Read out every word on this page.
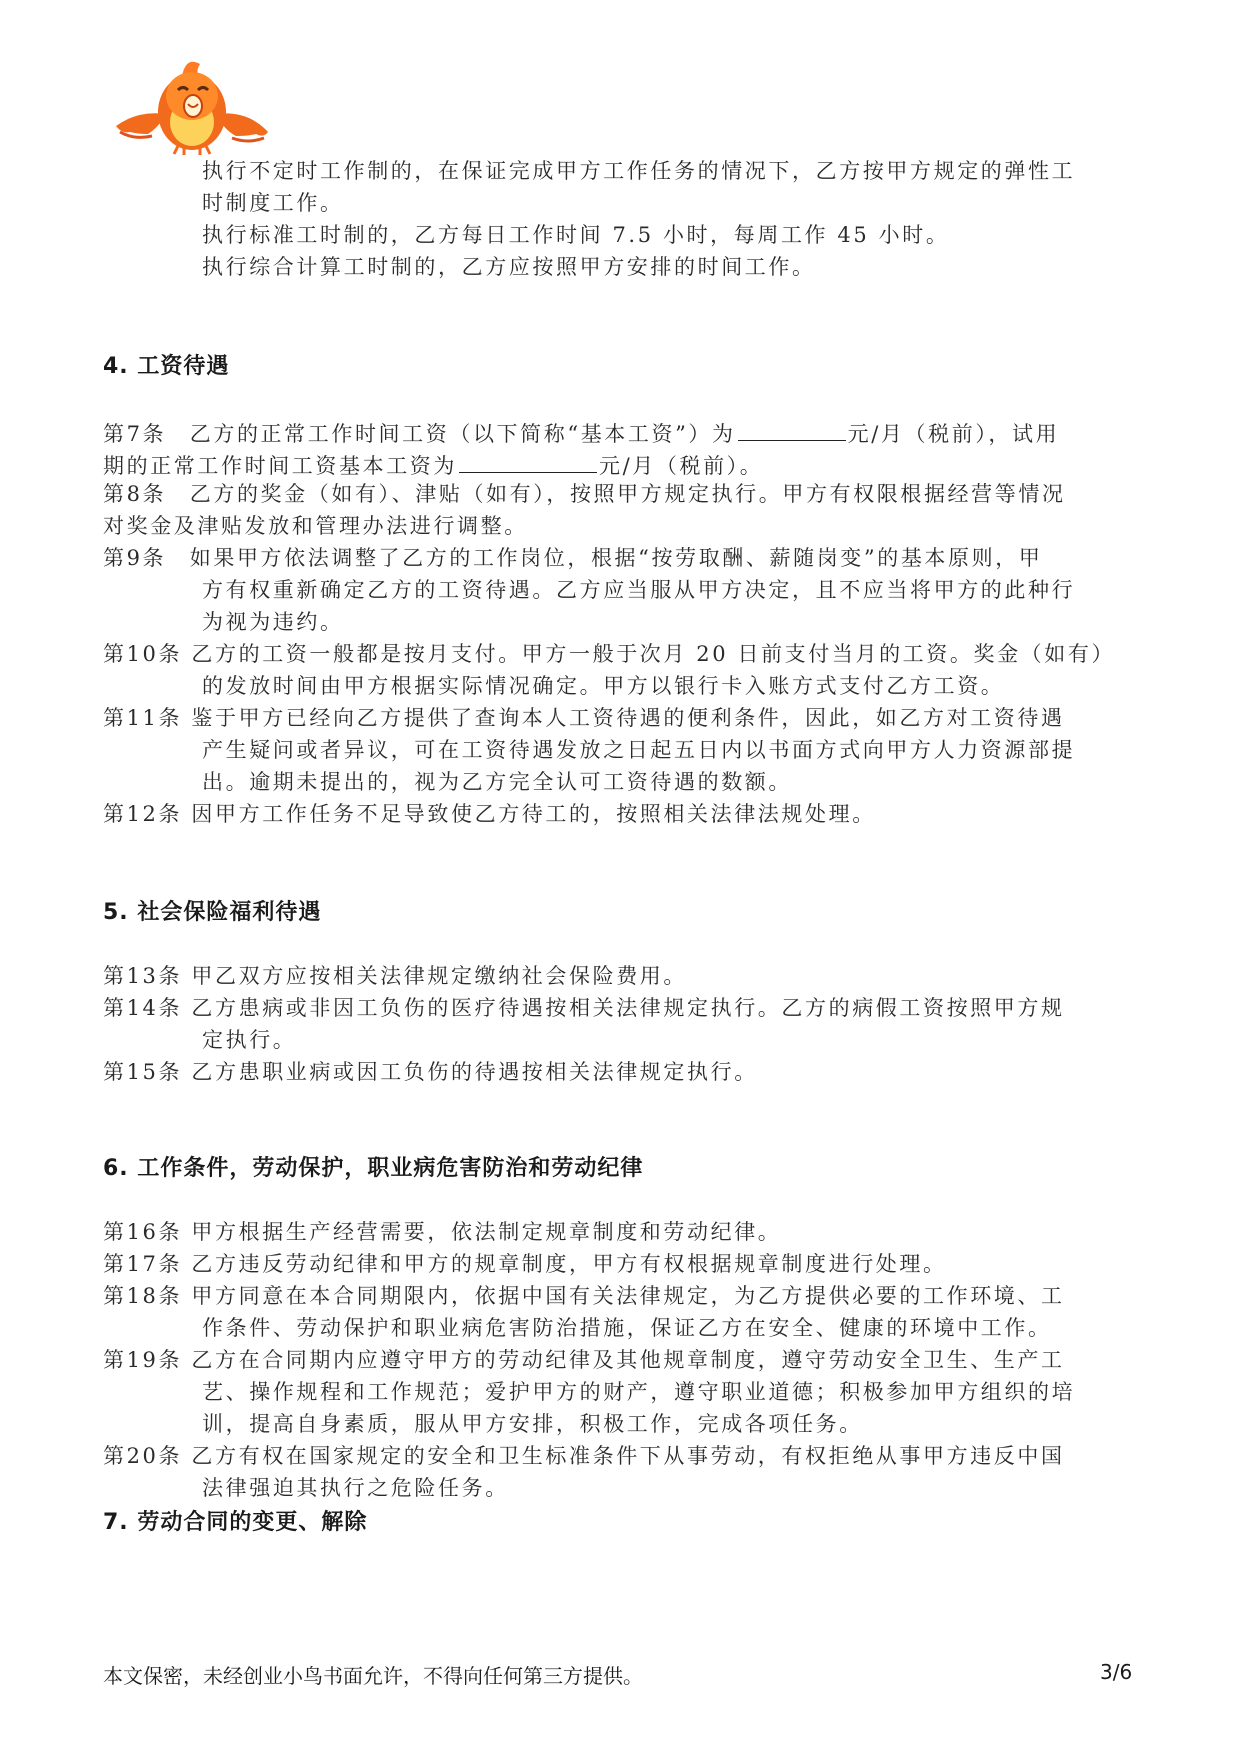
执行不定时工作制的，在保证完成甲方工作任务的情况下，乙方按甲方规定的弹性工
时制度工作。
执行标准工时制的，乙方每日工作时间 7.5 小时，每周工作 45 小时。
执行综合计算工时制的，乙方应按照甲方安排的时间工作。
4. 工资待遇
第7条　乙方的正常工作时间工资（以下简称“基本工资”）为	元/月（税前），试用
期的正常工作时间工资基本工资为	元/月（税前）。
第8条　乙方的奖金（如有）、津贴（如有），按照甲方规定执行。甲方有权限根据经营等情况
对奖金及津贴发放和管理办法进行调整。
第9条　如果甲方依法调整了乙方的工作岗位，根据“按劳取酬、薪随岗变”的基本原则，甲
方有权重新确定乙方的工资待遇。乙方应当服从甲方决定，且不应当将甲方的此种行
为视为违约。
第10条 乙方的工资一般都是按月支付。甲方一般于次月 20 日前支付当月的工资。奖金（如有）
的发放时间由甲方根据实际情况确定。甲方以银行卡入账方式支付乙方工资。
第11条 鉴于甲方已经向乙方提供了查询本人工资待遇的便利条件，因此，如乙方对工资待遇
产生疑问或者异议，可在工资待遇发放之日起五日内以书面方式向甲方人力资源部提
出。逾期未提出的，视为乙方完全认可工资待遇的数额。
第12条 因甲方工作任务不足导致使乙方待工的，按照相关法律法规处理。
5. 社会保险福利待遇
第13条 甲乙双方应按相关法律规定缴纳社会保险费用。
第14条 乙方患病或非因工负伤的医疗待遇按相关法律规定执行。乙方的病假工资按照甲方规
定执行。
第15条 乙方患职业病或因工负伤的待遇按相关法律规定执行。
6. 工作条件，劳动保护，职业病危害防治和劳动纪律
第16条 甲方根据生产经营需要，依法制定规章制度和劳动纪律。
第17条 乙方违反劳动纪律和甲方的规章制度，甲方有权根据规章制度进行处理。
第18条 甲方同意在本合同期限内，依据中国有关法律规定，为乙方提供必要的工作环境、工
作条件、劳动保护和职业病危害防治措施，保证乙方在安全、健康的环境中工作。
第19条 乙方在合同期内应遵守甲方的劳动纪律及其他规章制度，遵守劳动安全卫生、生产工
艺、操作规程和工作规范；爱护甲方的财产，遵守职业道德；积极参加甲方组织的培
训，提高自身素质，服从甲方安排，积极工作，完成各项任务。
第20条 乙方有权在国家规定的安全和卫生标准条件下从事劳动，有权拒绝从事甲方违反中国
法律强迫其执行之危险任务。
7. 劳动合同的变更、解除
本文保密，未经创业小鸟书面允许，不得向任何第三方提供。	3/6
